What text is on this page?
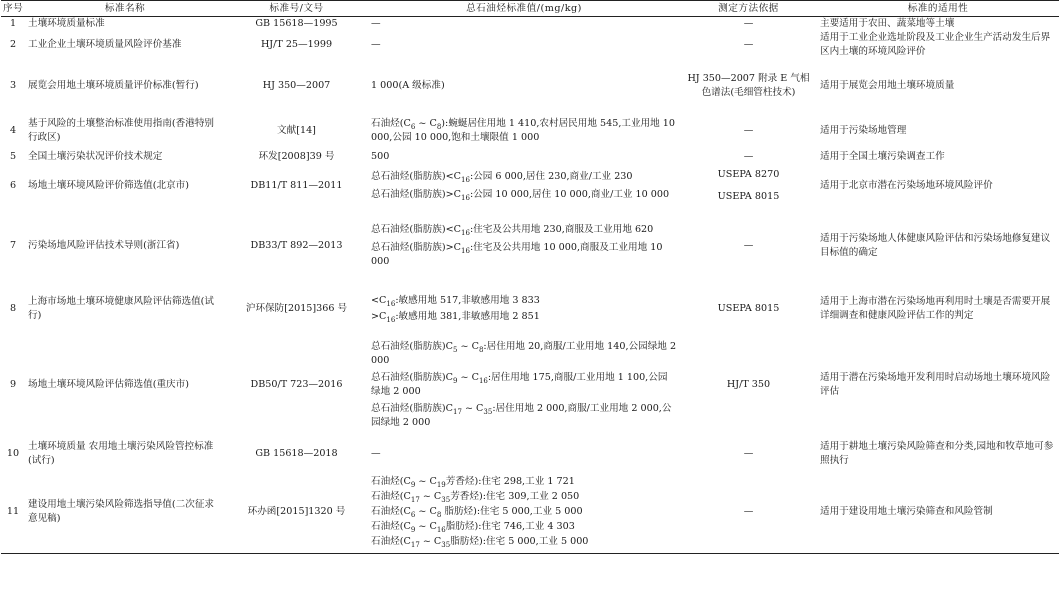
序号	标准名称	标准号/文号	总石油烃标准值/(mg/kg)	测定方法依据	标准的适用性
1	土壤环境质量标准	GB 15618—1995	—	—	主要适用于农田、蔬菜地等土壤
2	工业企业土壤环境质量风险评价基准	HJ/T 25—1999	—	—	适用于工业企业选址阶段及工业企业生产活动发生后界区内土壤的环境风险评价
3	展览会用地土壤环境质量评价标准(暂行)	HJ 350—2007	1 000(A 级标准)	HJ 350—2007 附录 E 气相色谱法(毛细管柱技术)	适用于展览会用地土壤环境质量
4	基于风险的土壤整治标准使用指南(香港特别行政区)	文献[14]	石油烃($C_6$ ~ $C_8$):蜿蜒居住用地 1 410,农村居民用地 545,工业用地 10 000,公园 10 000,饱和土壤限值 1 000	—	适用于污染场地管理
5	全国土壤污染状况评价技术规定	环发[2008]39 号	500	—	适用于全国土壤污染调查工作
6	场地土壤环境风险评价筛选值(北京市)	DB11/T 811—2011	总石油烃(脂肪族)$<C_{16}$:公园 6 000,居住 230,商业/工业 230
总石油烃(脂肪族)$>C_{16}$:公园 10 000,居住 10 000,商业/工业 10 000	USEPA 8270
USEPA 8015	适用于北京市潜在污染场地环境风险评价
7	污染场地风险评估技术导则(浙江省)	DB33/T 892—2013	总石油烃(脂肪族)$<C_{16}$:住宅及公共用地 230,商服及工业用地 620
总石油烃(脂肪族)$>C_{16}$:住宅及公共用地 10 000,商服及工业用地 10 000	—	适用于污染场地人体健康风险评估和污染场地修复建议目标值的确定
8	上海市场地土壤环境健康风险评估筛选值(试行)	沪环保防[2015]366 号	$<C_{16}$:敏感用地 517,非敏感用地 3 833
$>C_{16}$:敏感用地 381,非敏感用地 2 851	USEPA 8015	适用于上海市潜在污染场地再利用时土壤是否需要开展详细调查和健康风险评估工作的判定
9	场地土壤环境风险评估筛选值(重庆市)	DB50/T 723—2016	总石油烃(脂肪族)$C_5$ ~ $C_8$:居住用地 20,商服/工业用地 140,公园绿地 2 000
总石油烃(脂肪族)$C_9$ ~ $C_{16}$:居住用地 175,商服/工业用地 1 100,公园绿地 2 000
总石油烃(脂肪族)$C_{17}$ ~ $C_{35}$:居住用地 2 000,商服/工业用地 2 000,公园绿地 2 000	HJ/T 350	适用于潜在污染场地开发利用时启动场地土壤环境风险评估
10	土壤环境质量 农用地土壤污染风险管控标准(试行)	GB 15618—2018	—	—	适用于耕地土壤污染风险筛查和分类,园地和牧草地可参照执行
11	建设用地土壤污染风险筛选指导值(二次征求意见稿)	环办函[2015]1320 号	石油烃($C_9$ ~ $C_{19}$芳香烃):住宅 298,工业 1 721
石油烃($C_{17}$ ~ $C_{35}$芳香烃):住宅 309,工业 2 050
石油烃($C_6$ ~ $C_8$ 脂肪烃):住宅 5 000,工业 5 000
石油烃($C_9$ ~ $C_{16}$脂肪烃):住宅 746,工业 4 303
石油烃($C_{17}$ ~ $C_{35}$脂肪烃):住宅 5 000,工业 5 000	—	适用于建设用地土壤污染筛查和风险管制
